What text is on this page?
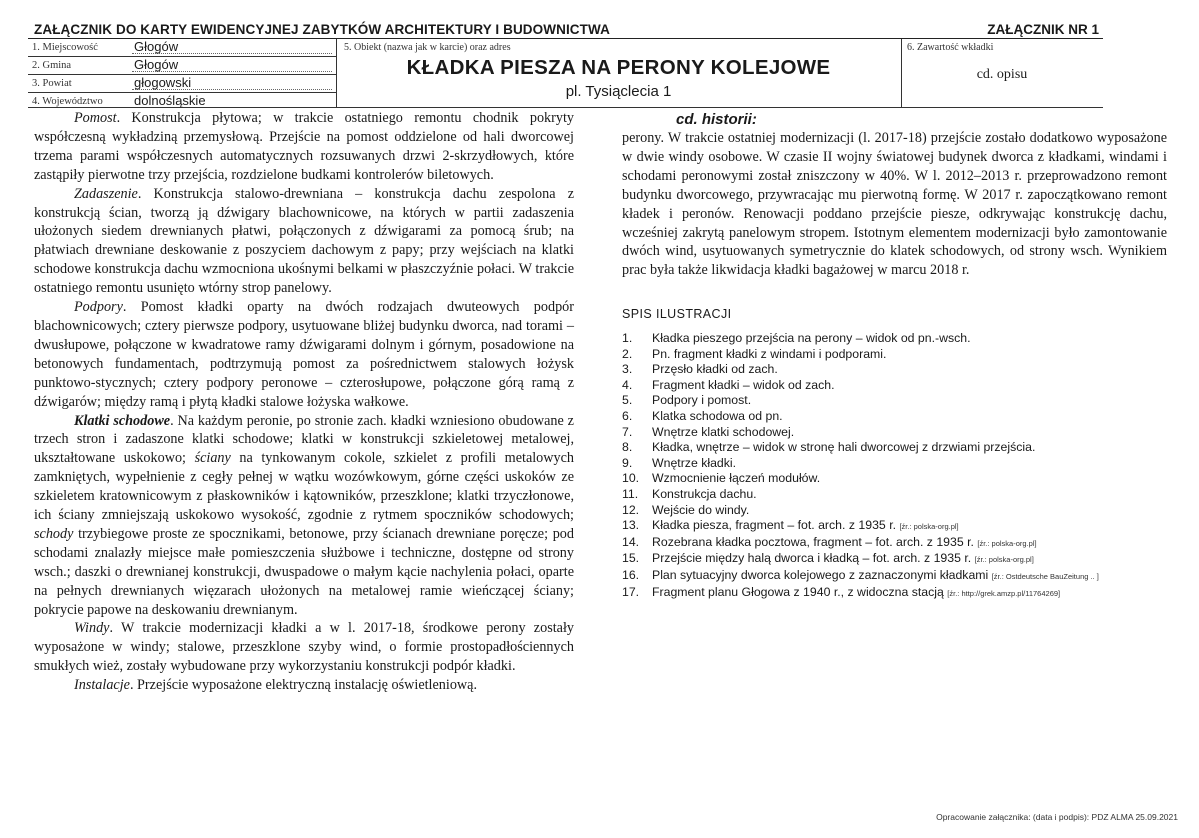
ZAŁĄCZNIK DO KARTY EWIDENCYJNEJ ZABYTKÓW ARCHITEKTURY I BUDOWNICTWA	ZAŁĄCZNIK NR 1
1. Miejscowość	Głogów
2. Gmina	Głogów
3. Powiat	głogowski
4. Województwo dolnośląskie
5. Obiekt (nazwa jak w karcie) oraz adres
KŁADKA PIESZA NA PERONY KOLEJOWE
pl. Tysiąclecia 1
6. Zawartość wkładki
cd. opisu

Pomost. Konstrukcja płytowa; w trakcie ostatniego remontu chodnik pokryty współczesną wykładziną przemysłową. Przejście na pomost oddzielone od hali dworcowej trzema parami współczesnych automatycznych rozsuwanych drzwi 2-skrzydłowych, które zastąpiły pierwotne trzy przejścia, rozdzielone budkami kontrolerów biletowych.

Zadaszenie. Konstrukcja stalowo-drewniana – konstrukcja dachu zespolona z konstrukcją ścian, tworzą ją dźwigary blachownicowe, na których w partii zadaszenia ułożonych siedem drewnianych płatwi, połączonych z dźwigarami za pomocą śrub; na płatwiach drewniane deskowanie z poszyciem dachowym z papy; przy wejściach na klatki schodowe konstrukcja dachu wzmocniona ukośnymi belkami w płaszczyźnie połaci. W trakcie ostatniego remontu usunięto wtórny strop panelowy.

Podpory. Pomost kładki oparty na dwóch rodzajach dwuteowych podpór blachownicowych; cztery pierwsze podpory, usytuowane bliżej budynku dworca, nad torami – dwusłupowe, połączone w kwadratowe ramy dźwigarami dolnym i górnym, posadowione na betonowych fundamentach, podtrzymują pomost za pośrednictwem stalowych łożysk punktowo-stycznych; cztery podpory peronowe – czterosłupowe, połączone górą ramą z dźwigarów; między ramą i płytą kładki stalowe łożyska wałkowe.

Klatki schodowe. Na każdym peronie, po stronie zach. kładki wzniesiono obudowane z trzech stron i zadaszone klatki schodowe; klatki w konstrukcji szkieletowej metalowej, ukształtowane uskokowo; ściany na tynkowanym cokole, szkielet z profili metalowych zamkniętych, wypełnienie z cegły pełnej w wątku wozówkowym, górne części uskoków ze szkieletem kratownicowym z płaskowników i kątowników, przeszklone; klatki trzyczłonowe, ich ściany zmniejszają uskokowo wysokość, zgodnie z rytmem spoczników schodowych; schody trzybiegowe proste ze spocznikami, betonowe, przy ścianach drewniane poręcze; pod schodami znalazły miejsce małe pomieszczenia służbowe i techniczne, dostępne od strony wsch.; daszki o drewnianej konstrukcji, dwuspadowe o małym kącie nachylenia połaci, oparte na pełnych drewnianych więzarach ułożonych na metalowej ramie wieńczącej ściany; pokrycie papowe na deskowaniu drewnianym.

Windy. W trakcie modernizacji kładki a w l. 2017-18, środkowe perony zostały wyposażone w windy; stalowe, przeszklone szyby wind, o formie prostopadłościennych smukłych wież, zostały wybudowane przy wykorzystaniu konstrukcji podpór kładki.

Instalacje. Przejście wyposażone elektryczną instalację oświetleniową.

cd. historii:

perony. W trakcie ostatniej modernizacji (l. 2017-18) przejście zostało dodatkowo wyposażone w dwie windy osobowe. W czasie II wojny światowej budynek dworca z kładkami, windami i schodami peronowymi został zniszczony w 40%. W l. 2012–2013 r. przeprowadzono remont budynku dworcowego, przywracając mu pierwotną formę. W 2017 r. zapoczątkowano remont kładek i peronów. Renowacji poddano przejście piesze, odkrywając konstrukcję dachu, wcześniej zakrytą panelowym stropem. Istotnym elementem modernizacji było zamontowanie dwóch wind, usytuowanych symetrycznie do klatek schodowych, od strony wsch. Wynikiem prac była także likwidacja kładki bagażowej w marcu 2018 r.

SPIS ILUSTRACJI
1. Kładka pieszego przejścia na perony – widok od pn.-wsch.
2. Pn. fragment kładki z windami i podporami.
3. Przęsło kładki od zach.
4. Fragment kładki – widok od zach.
5. Podpory i pomost.
6. Klatka schodowa od pn.
7. Wnętrze klatki schodowej.
8. Kładka, wnętrze – widok w stronę hali dworcowej z drzwiami przejścia.
9. Wnętrze kładki.
10. Wzmocnienie łączeń modułów.
11. Konstrukcja dachu.
12. Wejście do windy.
13. Kładka piesza, fragment – fot. arch. z 1935 r. [źr.: polska-org.pl]
14. Rozebrana kładka pocztowa, fragment – fot. arch. z 1935 r. [źr.: polska-org.pl]
15. Przejście między halą dworca i kładką – fot. arch. z 1935 r. [źr.: polska-org.pl]
16. Plan sytuacyjny dworca kolejowego z zaznaczonymi kładkami [źr.: Ostdeutsche BauZeitung .. ]
17. Fragment planu Głogowa z 1940 r., z widoczna stacją [źr.: http://grek.amzp.pl/11764269]
Opracowanie załącznika: (data i podpis): PDZ ALMA 25.09.2021
